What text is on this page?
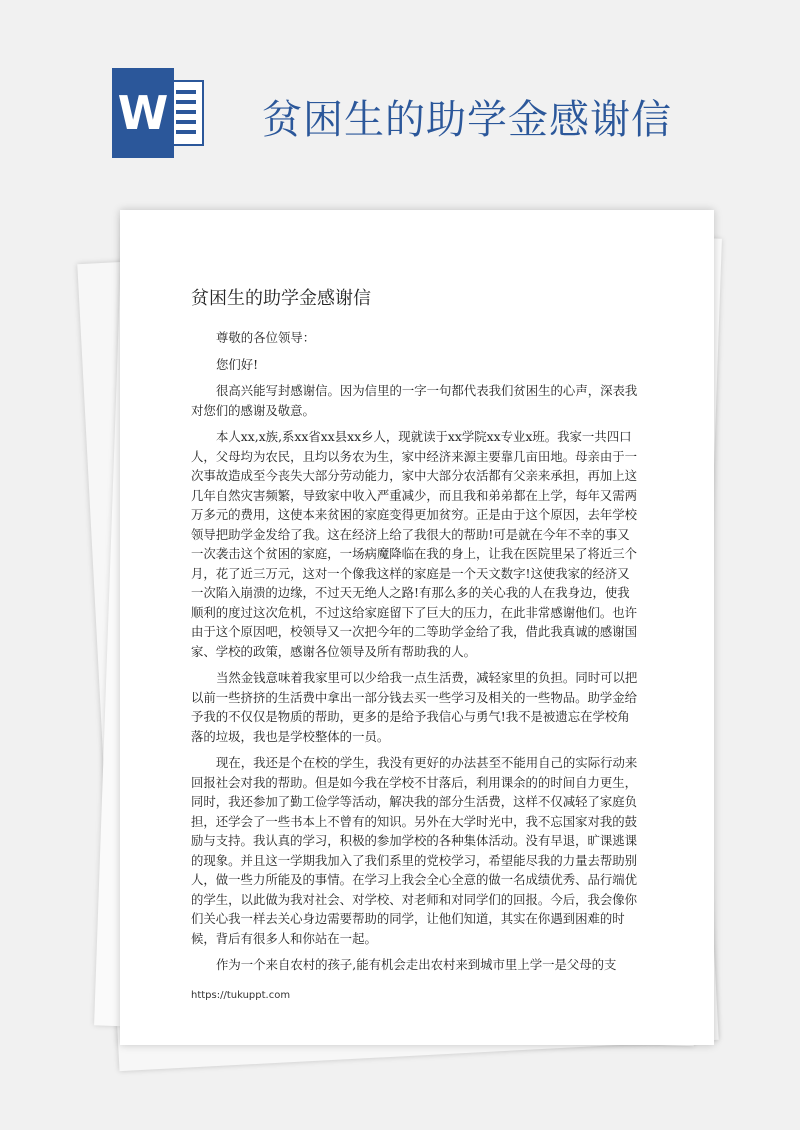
W 贫困生的助学金感谢信
贫困生的助学金感谢信

尊敬的各位领导：

您们好!

很高兴能写封感谢信。因为信里的一字一句都代表我们贫困生的心声，深表我对您们的感谢及敬意。

本人xx,x族,系xx省xx县xx乡人，现就读于xx学院xx专业x班。我家一共四口人，父母均为农民，且均以务农为生，家中经济来源主要靠几亩田地。母亲由于一次事故造成至今丧失大部分劳动能力，家中大部分农活都有父亲来承担，再加上这几年自然灾害频繁，导致家中收入严重减少，而且我和弟弟都在上学，每年又需两万多元的费用，这使本来贫困的家庭变得更加贫穷。正是由于这个原因，去年学校领导把助学金发给了我。这在经济上给了我很大的帮助!可是就在今年不幸的事又一次袭击这个贫困的家庭，一场病魔降临在我的身上，让我在医院里呆了将近三个月，花了近三万元，这对一个像我这样的家庭是一个天文数字!这使我家的经济又一次陷入崩溃的边缘，不过天无绝人之路!有那么多的关心我的人在我身边，使我顺利的度过这次危机，不过这给家庭留下了巨大的压力，在此非常感谢他们。也许由于这个原因吧，校领导又一次把今年的二等助学金给了我，借此我真诚的感谢国家、学校的政策，感谢各位领导及所有帮助我的人。

当然金钱意味着我家里可以少给我一点生活费，减轻家里的负担。同时可以把以前一些挤挤的生活费中拿出一部分钱去买一些学习及相关的一些物品。助学金给予我的不仅仅是物质的帮助，更多的是给予我信心与勇气!我不是被遗忘在学校角落的垃圾，我也是学校整体的一员。

现在，我还是个在校的学生，我没有更好的办法甚至不能用自己的实际行动来回报社会对我的帮助。但是如今我在学校不甘落后，利用课余的的时间自力更生，同时，我还参加了勤工俭学等活动，解决我的部分生活费，这样不仅减轻了家庭负担，还学会了一些书本上不曾有的知识。另外在大学时光中，我不忘国家对我的鼓励与支持。我认真的学习，积极的参加学校的各种集体活动。没有早退，旷课逃课的现象。并且这一学期我加入了我们系里的党校学习，希望能尽我的力量去帮助别人，做一些力所能及的事情。在学习上我会全心全意的做一名成绩优秀、品行端优的学生，以此做为我对社会、对学校、对老师和对同学们的回报。今后，我会像你们关心我一样去关心身边需要帮助的同学，让他们知道，其实在你遇到困难的时候，背后有很多人和你站在一起。

作为一个来自农村的孩子,能有机会走出农村来到城市里上学一是父母的支

https://tukuppt.com
